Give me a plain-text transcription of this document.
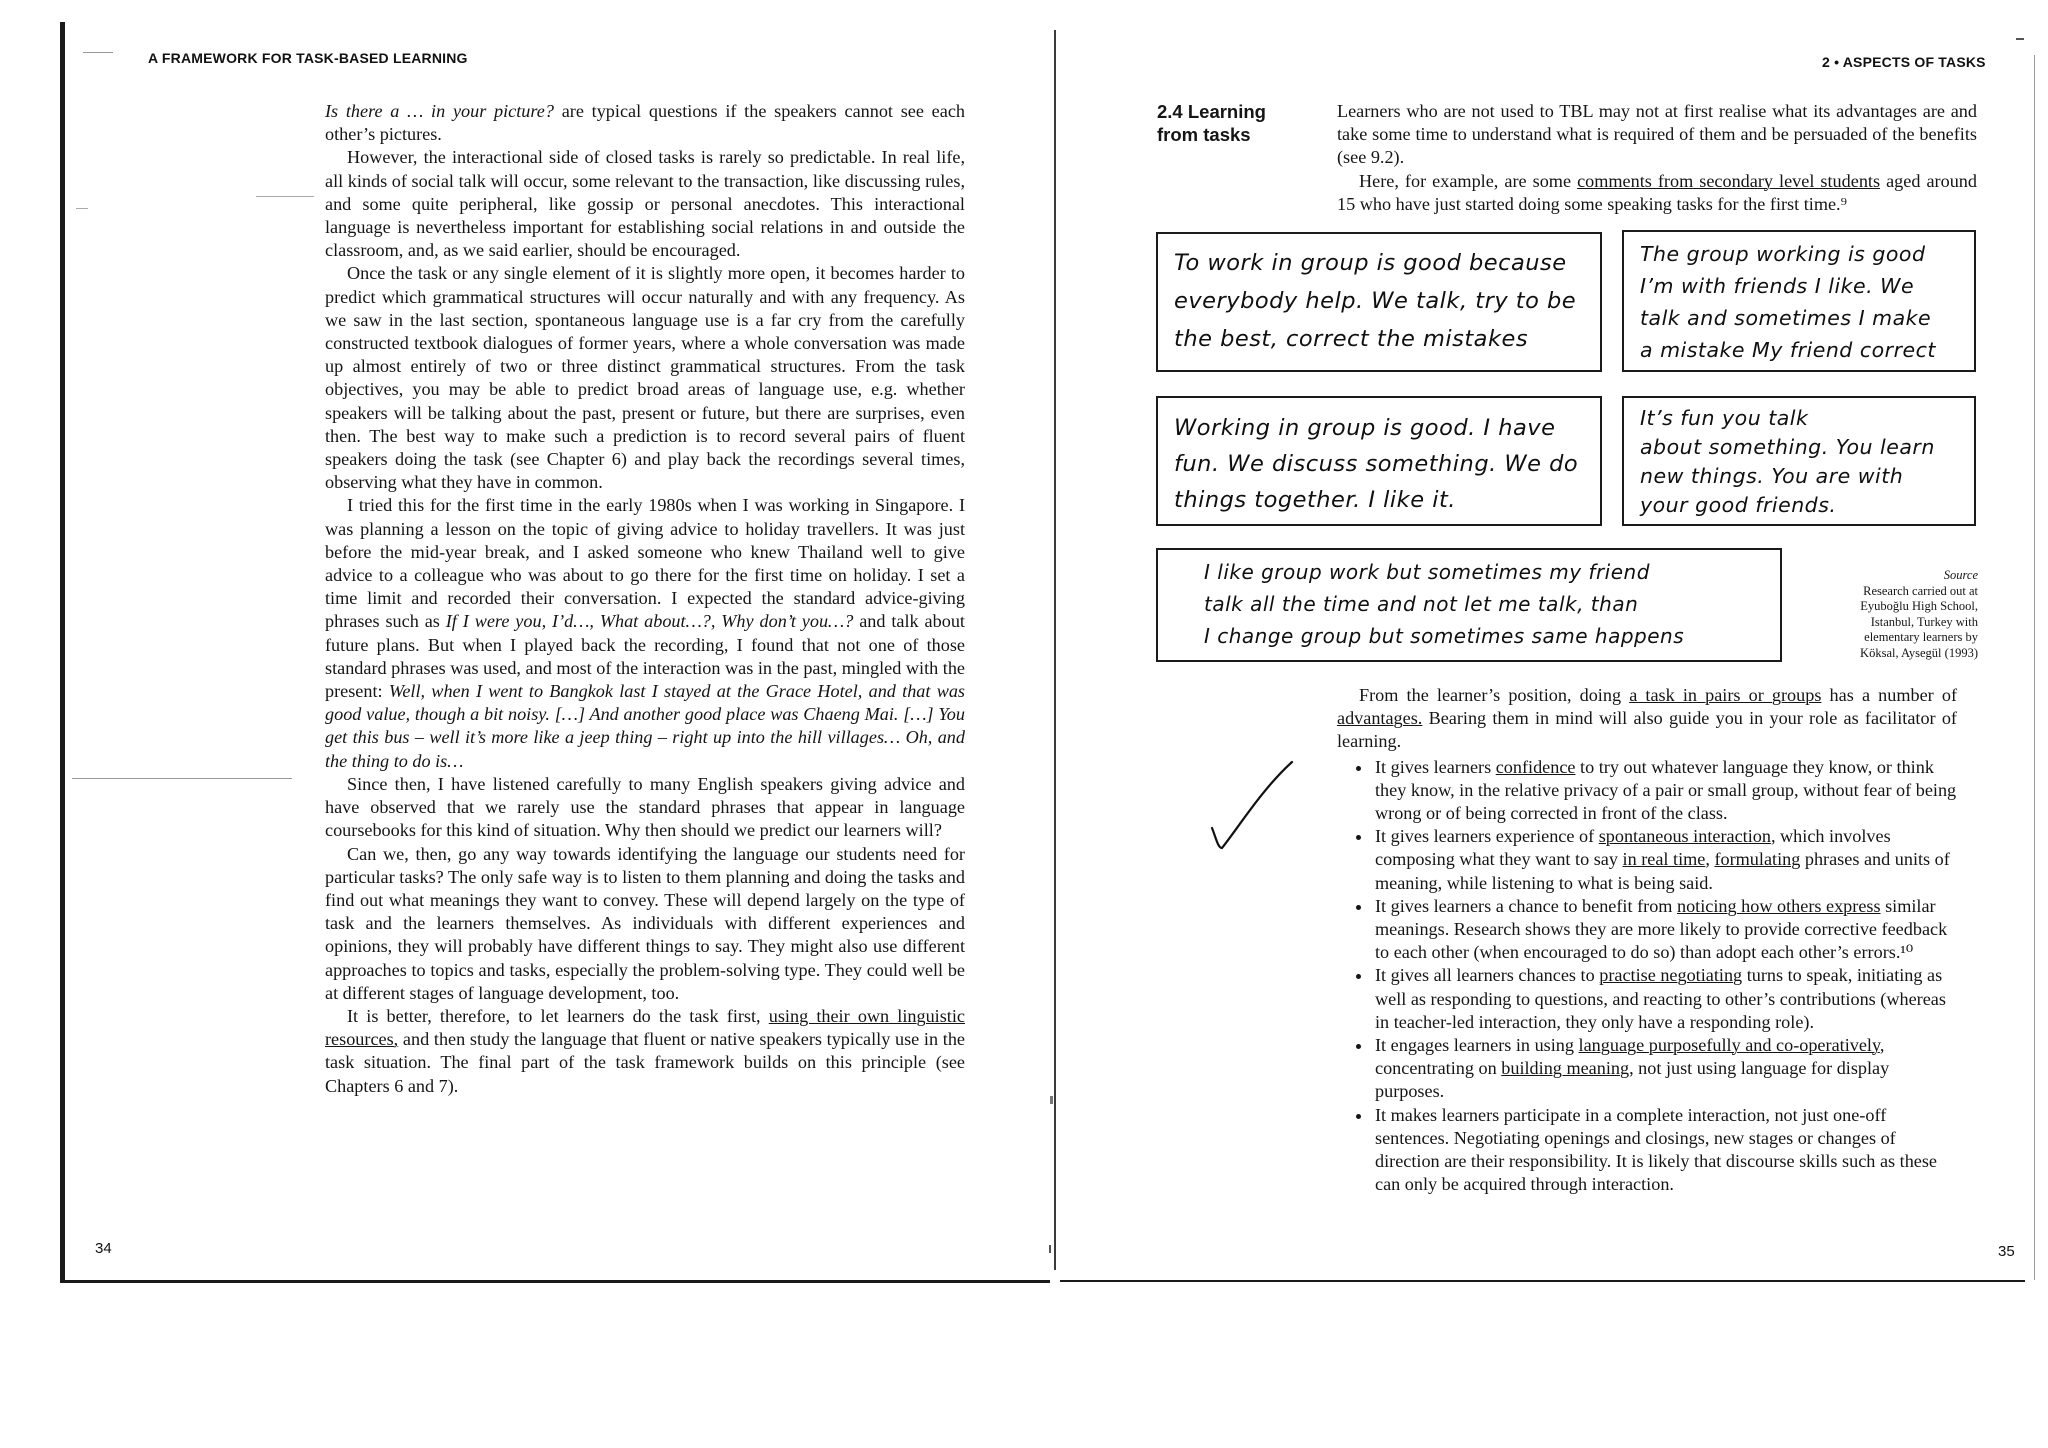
A FRAMEWORK FOR TASK-BASED LEARNING

Is there a … in your picture? are typical questions if the speakers cannot see each other’s pictures.

However, the interactional side of closed tasks is rarely so predictable. In real life, all kinds of social talk will occur, some relevant to the transaction, like discussing rules, and some quite peripheral, like gossip or personal anecdotes. This interactional language is nevertheless important for establishing social relations in and outside the classroom, and, as we said earlier, should be encouraged.

Once the task or any single element of it is slightly more open, it becomes harder to predict which grammatical structures will occur naturally and with any frequency. As we saw in the last section, spontaneous language use is a far cry from the carefully constructed textbook dialogues of former years, where a whole conversation was made up almost entirely of two or three distinct grammatical structures. From the task objectives, you may be able to predict broad areas of language use, e.g. whether speakers will be talking about the past, present or future, but there are surprises, even then. The best way to make such a prediction is to record several pairs of fluent speakers doing the task (see Chapter 6) and play back the recordings several times, observing what they have in common.

I tried this for the first time in the early 1980s when I was working in Singapore. I was planning a lesson on the topic of giving advice to holiday travellers. It was just before the mid-year break, and I asked someone who knew Thailand well to give advice to a colleague who was about to go there for the first time on holiday. I set a time limit and recorded their conversation. I expected the standard advice-giving phrases such as If I were you, I’d…, What about…?, Why don’t you…? and talk about future plans. But when I played back the recording, I found that not one of those standard phrases was used, and most of the interaction was in the past, mingled with the present: Well, when I went to Bangkok last I stayed at the Grace Hotel, and that was good value, though a bit noisy. […] And another good place was Chaeng Mai. […] You get this bus – well it’s more like a jeep thing – right up into the hill villages… Oh, and the thing to do is…

Since then, I have listened carefully to many English speakers giving advice and have observed that we rarely use the standard phrases that appear in language coursebooks for this kind of situation. Why then should we predict our learners will?

Can we, then, go any way towards identifying the language our students need for particular tasks? The only safe way is to listen to them planning and doing the tasks and find out what meanings they want to convey. These will depend largely on the type of task and the learners themselves. As individuals with different experiences and opinions, they will probably have different things to say. They might also use different approaches to topics and tasks, especially the problem-solving type. They could well be at different stages of language development, too.

It is better, therefore, to let learners do the task first, using their own linguistic resources, and then study the language that fluent or native speakers typically use in the task situation. The final part of the task framework builds on this principle (see Chapters 6 and 7).

34
2 • ASPECTS OF TASKS
2.4 Learning from tasks

Learners who are not used to TBL may not at first realise what its advantages are and take some time to understand what is required of them and be persuaded of the benefits (see 9.2).

Here, for example, are some comments from secondary level students aged around 15 who have just started doing some speaking tasks for the first time.⁹

To work in group is good because
everybody help. We talk, try to be
the best, correct the mistakes
The group working is good
I’m with friends I like. We
talk and sometimes I make
a mistake My friend correct
Working in group is good. I have
fun. We discuss something. We do
things together. I like it.
It’s fun you talk
about something. You learn
new things. You are with
your good friends.
I like group work but sometimes my friend
talk all the time and not let me talk, than
I change group but sometimes same happens
Source
Research carried out at
Eyuboğlu High School,
Istanbul, Turkey with
elementary learners by
Köksal, Aysegül (1993)

From the learner’s position, doing a task in pairs or groups has a number of advantages. Bearing them in mind will also guide you in your role as facilitator of learning.

• It gives learners confidence to try out whatever language they know, or think they know, in the relative privacy of a pair or small group, without fear of being wrong or of being corrected in front of the class.
• It gives learners experience of spontaneous interaction, which involves composing what they want to say in real time, formulating phrases and units of meaning, while listening to what is being said.
• It gives learners a chance to benefit from noticing how others express similar meanings. Research shows they are more likely to provide corrective feedback to each other (when encouraged to do so) than adopt each other’s errors.¹⁰
• It gives all learners chances to practise negotiating turns to speak, initiating as well as responding to questions, and reacting to other’s contributions (whereas in teacher-led interaction, they only have a responding role).
• It engages learners in using language purposefully and co-operatively, concentrating on building meaning, not just using language for display purposes.
• It makes learners participate in a complete interaction, not just one-off sentences. Negotiating openings and closings, new stages or changes of direction are their responsibility. It is likely that discourse skills such as these can only be acquired through interaction.
35
